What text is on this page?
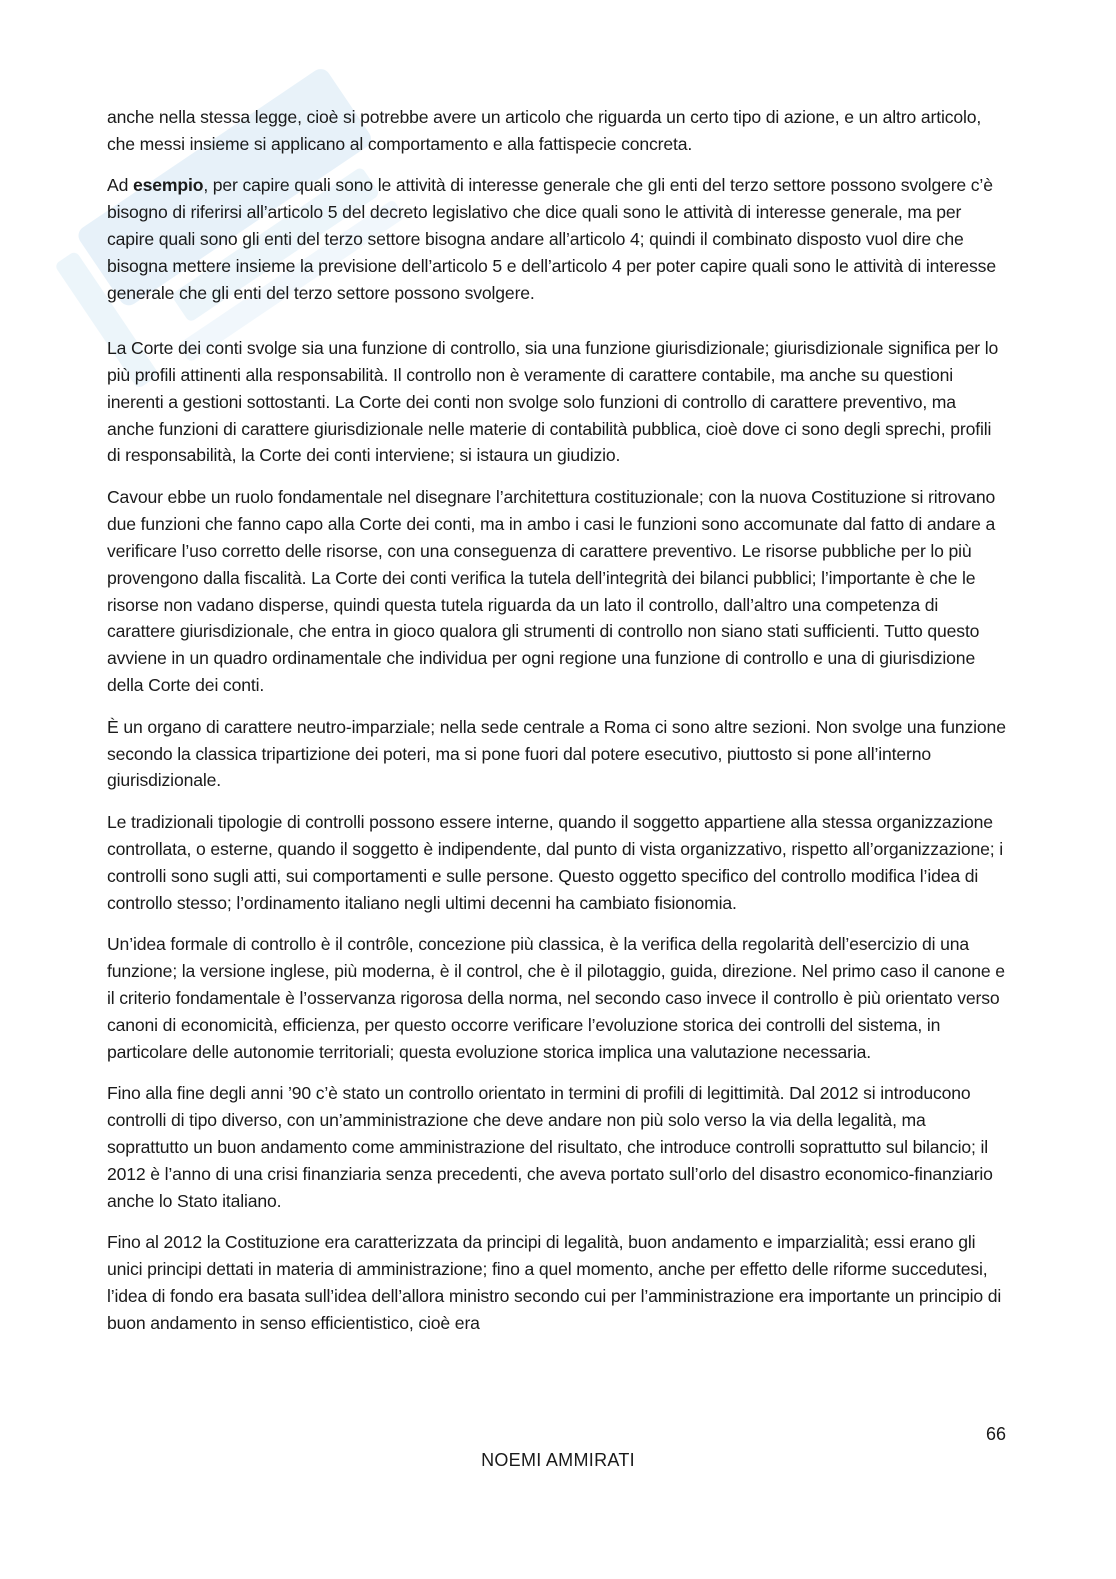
anche nella stessa legge, cioè si potrebbe avere un articolo che riguarda un certo tipo di azione, e un altro articolo, che messi insieme si applicano al comportamento e alla fattispecie concreta.

Ad esempio, per capire quali sono le attività di interesse generale che gli enti del terzo settore possono svolgere c’è bisogno di riferirsi all’articolo 5 del decreto legislativo che dice quali sono le attività di interesse generale, ma per capire quali sono gli enti del terzo settore bisogna andare all’articolo 4; quindi il combinato disposto vuol dire che bisogna mettere insieme la previsione dell’articolo 5 e dell’articolo 4 per poter capire quali sono le attività di interesse generale che gli enti del terzo settore possono svolgere.

La Corte dei conti svolge sia una funzione di controllo, sia una funzione giurisdizionale; giurisdizionale significa per lo più profili attinenti alla responsabilità. Il controllo non è veramente di carattere contabile, ma anche su questioni inerenti a gestioni sottostanti. La Corte dei conti non svolge solo funzioni di controllo di carattere preventivo, ma anche funzioni di carattere giurisdizionale nelle materie di contabilità pubblica, cioè dove ci sono degli sprechi, profili di responsabilità, la Corte dei conti interviene; si istaura un giudizio.

Cavour ebbe un ruolo fondamentale nel disegnare l’architettura costituzionale; con la nuova Costituzione si ritrovano due funzioni che fanno capo alla Corte dei conti, ma in ambo i casi le funzioni sono accomunate dal fatto di andare a verificare l’uso corretto delle risorse, con una conseguenza di carattere preventivo. Le risorse pubbliche per lo più provengono dalla fiscalità. La Corte dei conti verifica la tutela dell’integrità dei bilanci pubblici; l’importante è che le risorse non vadano disperse, quindi questa tutela riguarda da un lato il controllo, dall’altro una competenza di carattere giurisdizionale, che entra in gioco qualora gli strumenti di controllo non siano stati sufficienti. Tutto questo avviene in un quadro ordinamentale che individua per ogni regione una funzione di controllo e una di giurisdizione della Corte dei conti.

È un organo di carattere neutro-imparziale; nella sede centrale a Roma ci sono altre sezioni. Non svolge una funzione secondo la classica tripartizione dei poteri, ma si pone fuori dal potere esecutivo, piuttosto si pone all’interno giurisdizionale.

Le tradizionali tipologie di controlli possono essere interne, quando il soggetto appartiene alla stessa organizzazione controllata, o esterne, quando il soggetto è indipendente, dal punto di vista organizzativo, rispetto all’organizzazione; i controlli sono sugli atti, sui comportamenti e sulle persone. Questo oggetto specifico del controllo modifica l’idea di controllo stesso; l’ordinamento italiano negli ultimi decenni ha cambiato fisionomia.

Un’idea formale di controllo è il contrôle, concezione più classica, è la verifica della regolarità dell’esercizio di una funzione; la versione inglese, più moderna, è il control, che è il pilotaggio, guida, direzione. Nel primo caso il canone e il criterio fondamentale è l’osservanza rigorosa della norma, nel secondo caso invece il controllo è più orientato verso canoni di economicità, efficienza, per questo occorre verificare l’evoluzione storica dei controlli del sistema, in particolare delle autonomie territoriali; questa evoluzione storica implica una valutazione necessaria.

Fino alla fine degli anni ’90 c’è stato un controllo orientato in termini di profili di legittimità. Dal 2012 si introducono controlli di tipo diverso, con un’amministrazione che deve andare non più solo verso la via della legalità, ma soprattutto un buon andamento come amministrazione del risultato, che introduce controlli soprattutto sul bilancio; il 2012 è l’anno di una crisi finanziaria senza precedenti, che aveva portato sull’orlo del disastro economico-finanziario anche lo Stato italiano.

Fino al 2012 la Costituzione era caratterizzata da principi di legalità, buon andamento e imparzialità; essi erano gli unici principi dettati in materia di amministrazione; fino a quel momento, anche per effetto delle riforme succedutesi, l’idea di fondo era basata sull’idea dell’allora ministro secondo cui per l’amministrazione era importante un principio di buon andamento in senso efficientistico, cioè era

66
NOEMI AMMIRATI
